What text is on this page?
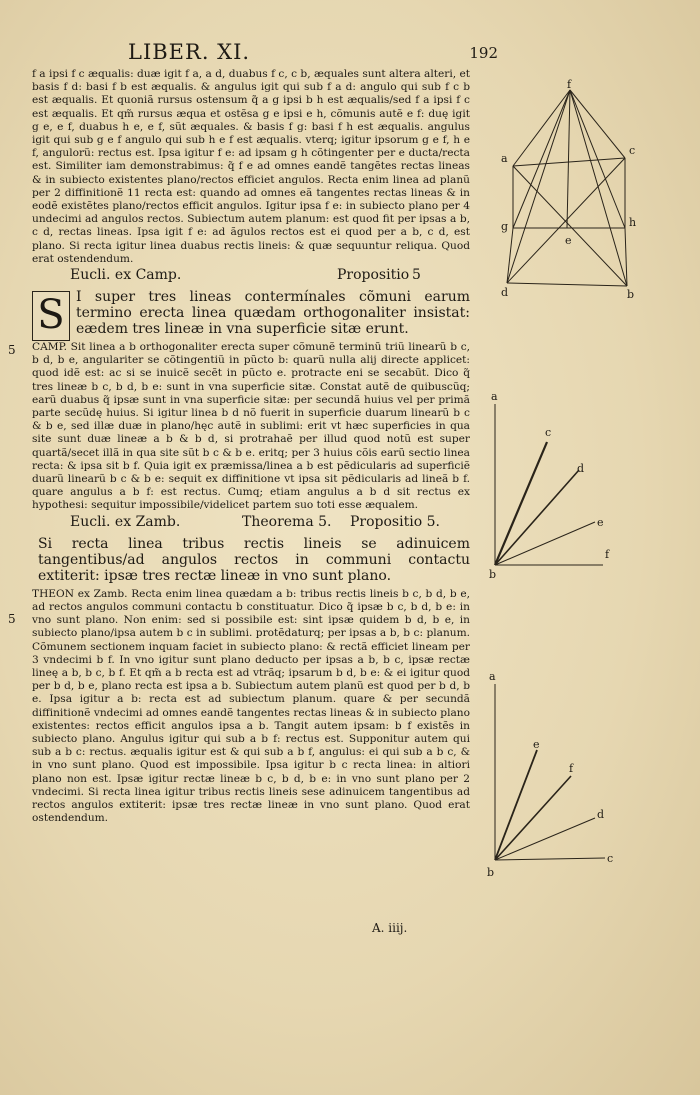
LIBER. XI.	192
5
5

f a ipsi f c æqualis: duæ igit f a, a d, duabus f c, c b, æquales sunt altera alteri, et basis f d: basi f b est æqualis. & angulus igit qui sub f a d: angulo qui sub f c b est æqualis. Et quoniã rursus ostensum q̃ a g ipsi b h est æqualis/sed f a ipsi f c est æqualis. Et qm̃ rursus æqua et ostẽsa g e ipsi e h, cõmunis autẽ e f: duę igit g e, e f, duabus h e, e f, sũt æquales. & basis f g: basi f h est æqualis. angulus igit qui sub g e f angulo qui sub h e f est æqualis. vterq; igitur ipsorum g e f, h e f, angulorũ: rectus est. Ipsa igitur f e: ad ipsam g h cõtingenter per e ducta/recta est. Similiter iam demonstrabimus: q̃ f e ad omnes eandẽ tangẽtes rectas lineas & in subiecto existentes plano/rectos efficiet angulos. Recta enim linea ad planũ per 2 diffinitionẽ 11 recta est: quando ad omnes eã tangentes rectas lineas & in eodẽ existẽtes plano/rectos efficit angulos. Igitur ipsa f e: in subiecto plano per 4 undecimi ad angulos rectos. Subiectum autem planum: est quod fit per ipsas a b, c d, rectas lineas. Ipsa igit f e: ad ãgulos rectos est ei quod per a b, c d, est plano. Si recta igitur linea duabus rectis lineis: & quæ sequuntur reliqua. Quod erat ostendendum.

Eucli. ex Camp.	Propositio 5

S I super tres lineas contermínales cõmuni earum termino erecta linea quædam orthogonaliter insistat: eædem tres lineæ in vna superficie sitæ erunt.

CAMP. Sit linea a b orthogonaliter erecta super cõmunẽ terminũ triũ linearũ b c, b d, b e, angulariter se cõtingentiũ in pũcto b: quarũ nulla alij directe applicet: quod idẽ est: ac si se inuicẽ secẽt in pũcto e. protracte eni se secabũt. Dico q̃ tres lineæ b c, b d, b e: sunt in vna superficie sitæ. Constat autẽ de quibuscũq; earũ duabus q̃ ipsæ sunt in vna superficie sitæ: per secundã huius vel per primã parte secũdę huius. Si igitur linea b d nõ fuerit in superficie duarum linearũ b c & b e, sed illæ duæ in plano/hęc autẽ in sublimi: erit vt hæc superficies in qua site sunt duæ lineæ a b & b d, si protrahaẽ per illud quod notũ est super quartã/secet illã in qua site sũt b c & b e. eritq; per 3 huius cõis earũ sectio linea recta: & ipsa sit b f. Quia igit ex præmissa/linea a b est pẽdicularis ad superficiẽ duarũ linearũ b c & b e: sequit ex diffinitione vt ipsa sit pẽdicularis ad lineã b f. quare angulus a b f: est rectus. Cumq; etiam angulus a b d sit rectus ex hypothesi: sequitur impossibile/videlicet partem suo toti esse æqualem.

Eucli. ex Zamb.	Theorema 5. Propositio 5.

Si recta linea tribus rectis lineis se adinuicem tangentibus/ad angulos rectos in communi contactu extiterit: ipsæ tres rectæ lineæ in vno sunt plano.

THEON ex Zamb. Recta enim linea quædam a b: tribus rectis lineis b c, b d, b e, ad rectos angulos communi contactu b constituatur. Dico q̃ ipsæ b c, b d, b e: in vno sunt plano. Non enim: sed si possibile est: sint ipsæ quidem b d, b e, in subiecto plano/ipsa autem b c in sublimi. protẽdaturq; per ipsas a b, b c: planum. Cõmunem sectionem inquam faciet in subiecto plano: & rectã efficiet lineam per 3 vndecimi b f. In vno igitur sunt plano deducto per ipsas a b, b c, ipsæ rectæ lineę a b, b c, b f. Et qm̃ a b recta est ad vtrãq; ipsarum b d, b e: & ei igitur quod per b d, b e, plano recta est ipsa a b. Subiectum autem planũ est quod per b d, b e. Ipsa igitur a b: recta est ad subiectum planum. quare & per secundã diffinitionẽ vndecimi ad omnes eandẽ tangentes rectas lineas & in subiecto plano existentes: rectos efficit angulos ipsa a b. Tangit autem ipsam: b f existẽs in subiecto plano. Angulus igitur qui sub a b f: rectus est. Supponitur autem qui sub a b c: rectus. æqualis igitur est & qui sub a b f, angulus: ei qui sub a b c, & in vno sunt plano. Quod est impossibile. Ipsa igitur b c recta linea: in altiori plano non est. Ipsæ igitur rectæ lineæ b c, b d, b e: in vno sunt plano per 2 vndecimi. Si recta linea igitur tribus rectis lineis sese adinuicem tangentibus ad rectos angulos extiterit: ipsæ tres rectæ lineæ in vno sunt plano. Quod erat ostendendum.

A. iiij.
f
a
c
g	h
e
d	b
a
c
d
e
f
b
a
e
f
d
c
b
